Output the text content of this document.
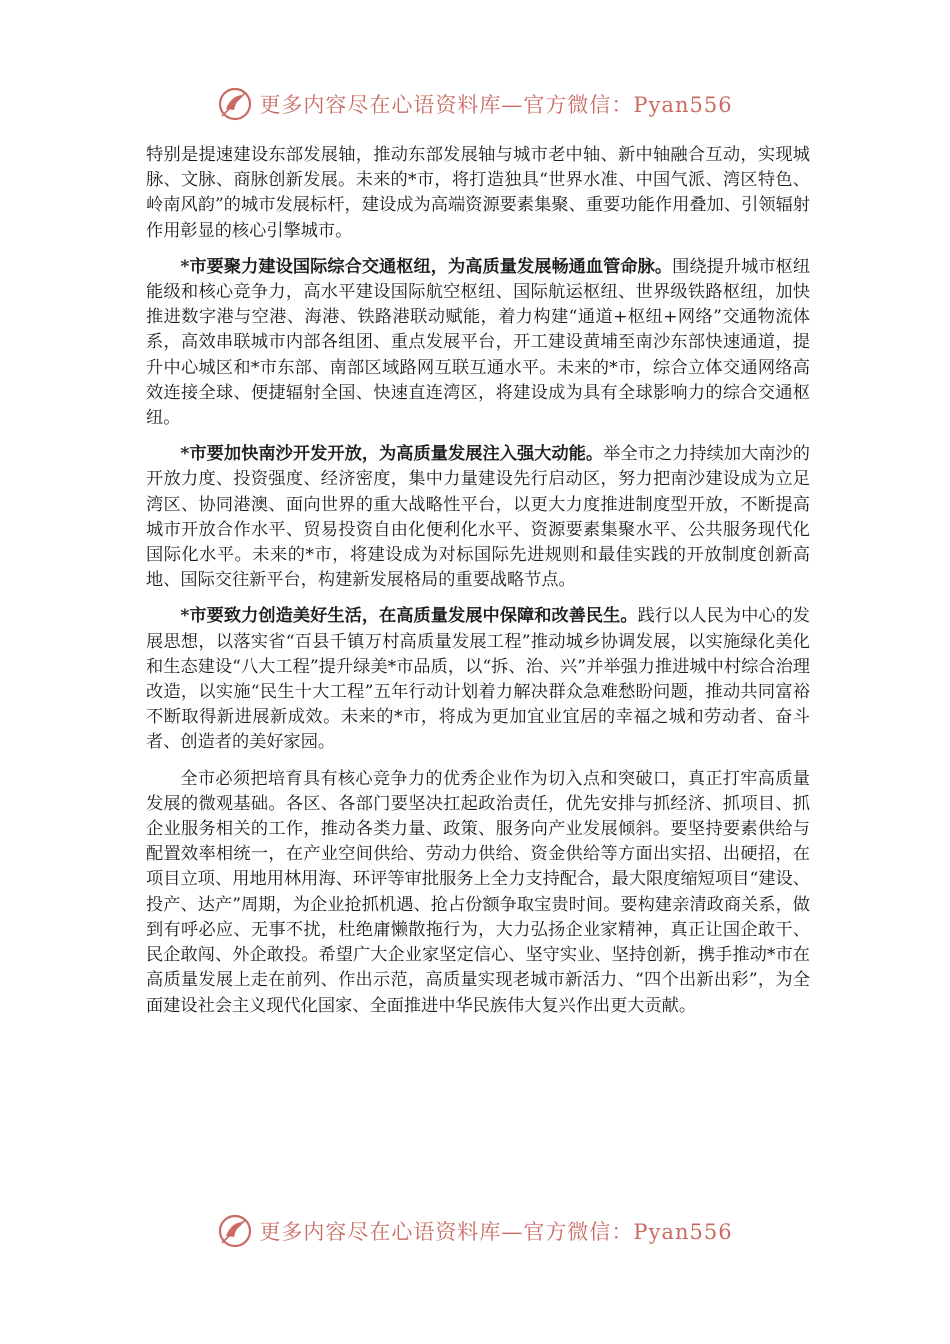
更多内容尽在心语资料库—官方微信：Pyan556

特别是提速建设东部发展轴，推动东部发展轴与城市老中轴、新中轴融合互动，实现城脉、文脉、商脉创新发展。未来的*市，将打造独具“世界水准、中国气派、湾区特色、岭南风韵”的城市发展标杆，建设成为高端资源要素集聚、重要功能作用叠加、引领辐射作用彰显的核心引擎城市。

*市要聚力建设国际综合交通枢纽，为高质量发展畅通血管命脉。围绕提升城市枢纽能级和核心竞争力，高水平建设国际航空枢纽、国际航运枢纽、世界级铁路枢纽，加快推进数字港与空港、海港、铁路港联动赋能，着力构建“通道+枢纽+网络”交通物流体系，高效串联城市内部各组团、重点发展平台，开工建设黄埔至南沙东部快速通道，提升中心城区和*市东部、南部区域路网互联互通水平。未来的*市，综合立体交通网络高效连接全球、便捷辐射全国、快速直连湾区，将建设成为具有全球影响力的综合交通枢纽。

*市要加快南沙开发开放，为高质量发展注入强大动能。举全市之力持续加大南沙的开放力度、投资强度、经济密度，集中力量建设先行启动区，努力把南沙建设成为立足湾区、协同港澳、面向世界的重大战略性平台，以更大力度推进制度型开放，不断提高城市开放合作水平、贸易投资自由化便利化水平、资源要素集聚水平、公共服务现代化国际化水平。未来的*市，将建设成为对标国际先进规则和最佳实践的开放制度创新高地、国际交往新平台，构建新发展格局的重要战略节点。

*市要致力创造美好生活，在高质量发展中保障和改善民生。践行以人民为中心的发展思想，以落实省“百县千镇万村高质量发展工程”推动城乡协调发展，以实施绿化美化和生态建设“八大工程”提升绿美*市品质，以“拆、治、兴”并举强力推进城中村综合治理改造，以实施“民生十大工程”五年行动计划着力解决群众急难愁盼问题，推动共同富裕不断取得新进展新成效。未来的*市，将成为更加宜业宜居的幸福之城和劳动者、奋斗者、创造者的美好家园。

全市必须把培育具有核心竞争力的优秀企业作为切入点和突破口，真正打牢高质量发展的微观基础。各区、各部门要坚决扛起政治责任，优先安排与抓经济、抓项目、抓企业服务相关的工作，推动各类力量、政策、服务向产业发展倾斜。要坚持要素供给与配置效率相统一，在产业空间供给、劳动力供给、资金供给等方面出实招、出硬招，在项目立项、用地用林用海、环评等审批服务上全力支持配合，最大限度缩短项目“建设、投产、达产”周期，为企业抢抓机遇、抢占份额争取宝贵时间。要构建亲清政商关系，做到有呼必应、无事不扰，杜绝庸懒散拖行为，大力弘扬企业家精神，真正让国企敢干、民企敢闯、外企敢投。希望广大企业家坚定信心、坚守实业、坚持创新，携手推动*市在高质量发展上走在前列、作出示范，高质量实现老城市新活力、“四个出新出彩”，为全面建设社会主义现代化国家、全面推进中华民族伟大复兴作出更大贡献。

更多内容尽在心语资料库—官方微信：Pyan556
